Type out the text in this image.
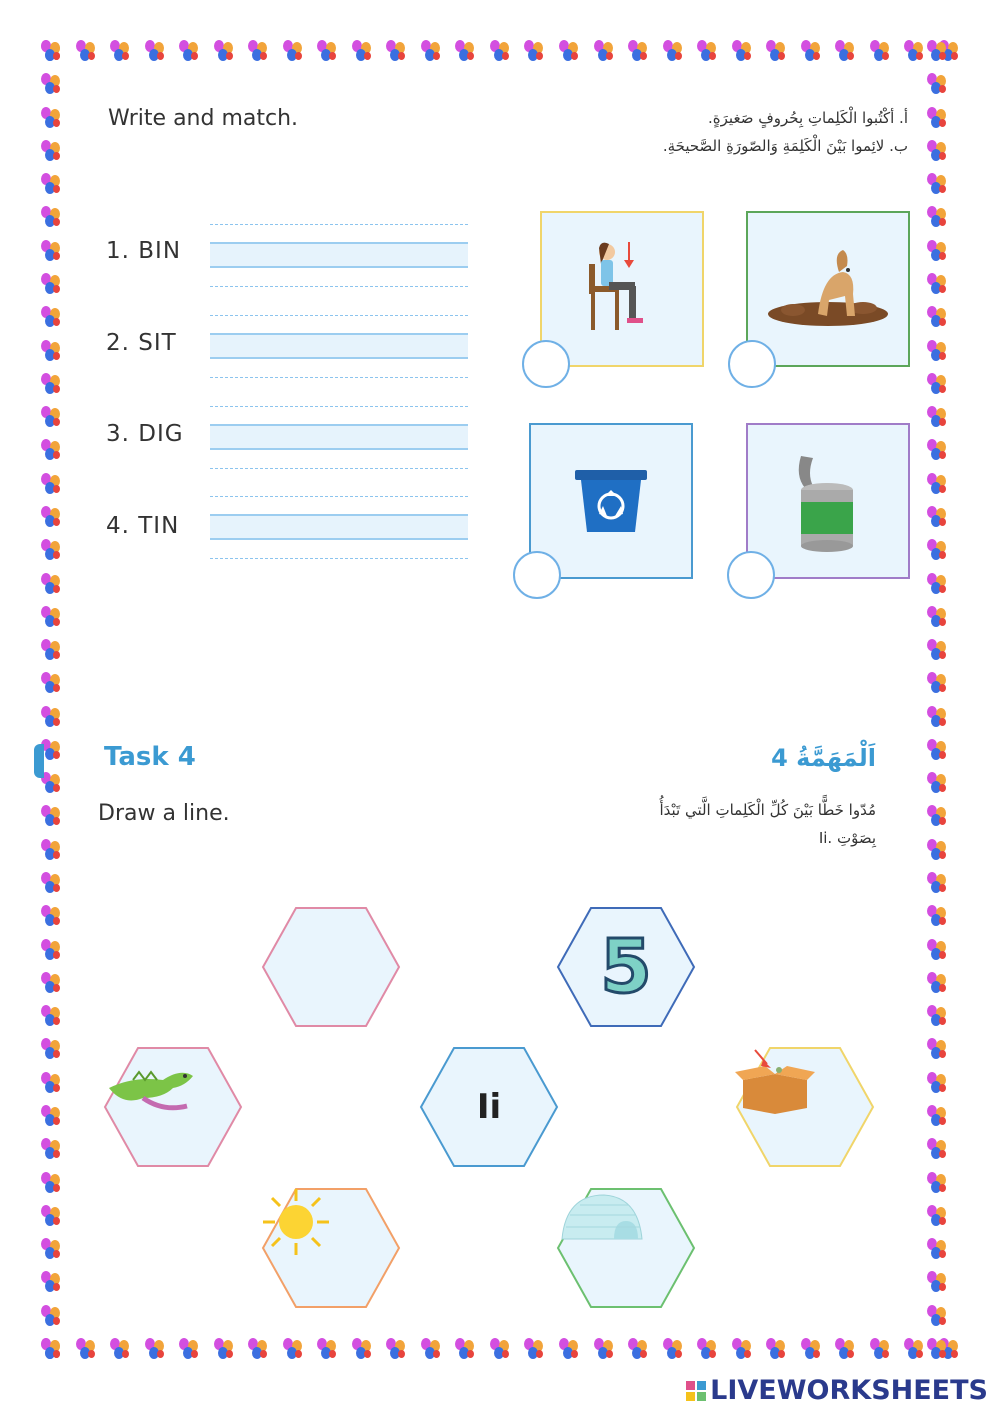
Write and match.	أ. أكْتُبوا الْكَلِماتِ بِحُروفٍ صَغيرَةٍ.
ب. لائِموا بَيْنَ الْكَلِمَةِ وَالصّورَةِ الصَّحيحَةِ.
1. BIN
2. SIT
3. DIG
4. TIN
Task 4	اَلْمَهَمَّةُ 4
Draw a line.	مُدّوا خَطًّا بَيْنَ كُلِّ الْكَلِماتِ الَّتي تَبْدَأُ
بِصَوْتِ .Ii
5
Ii
LIVEWORKSHEETS
